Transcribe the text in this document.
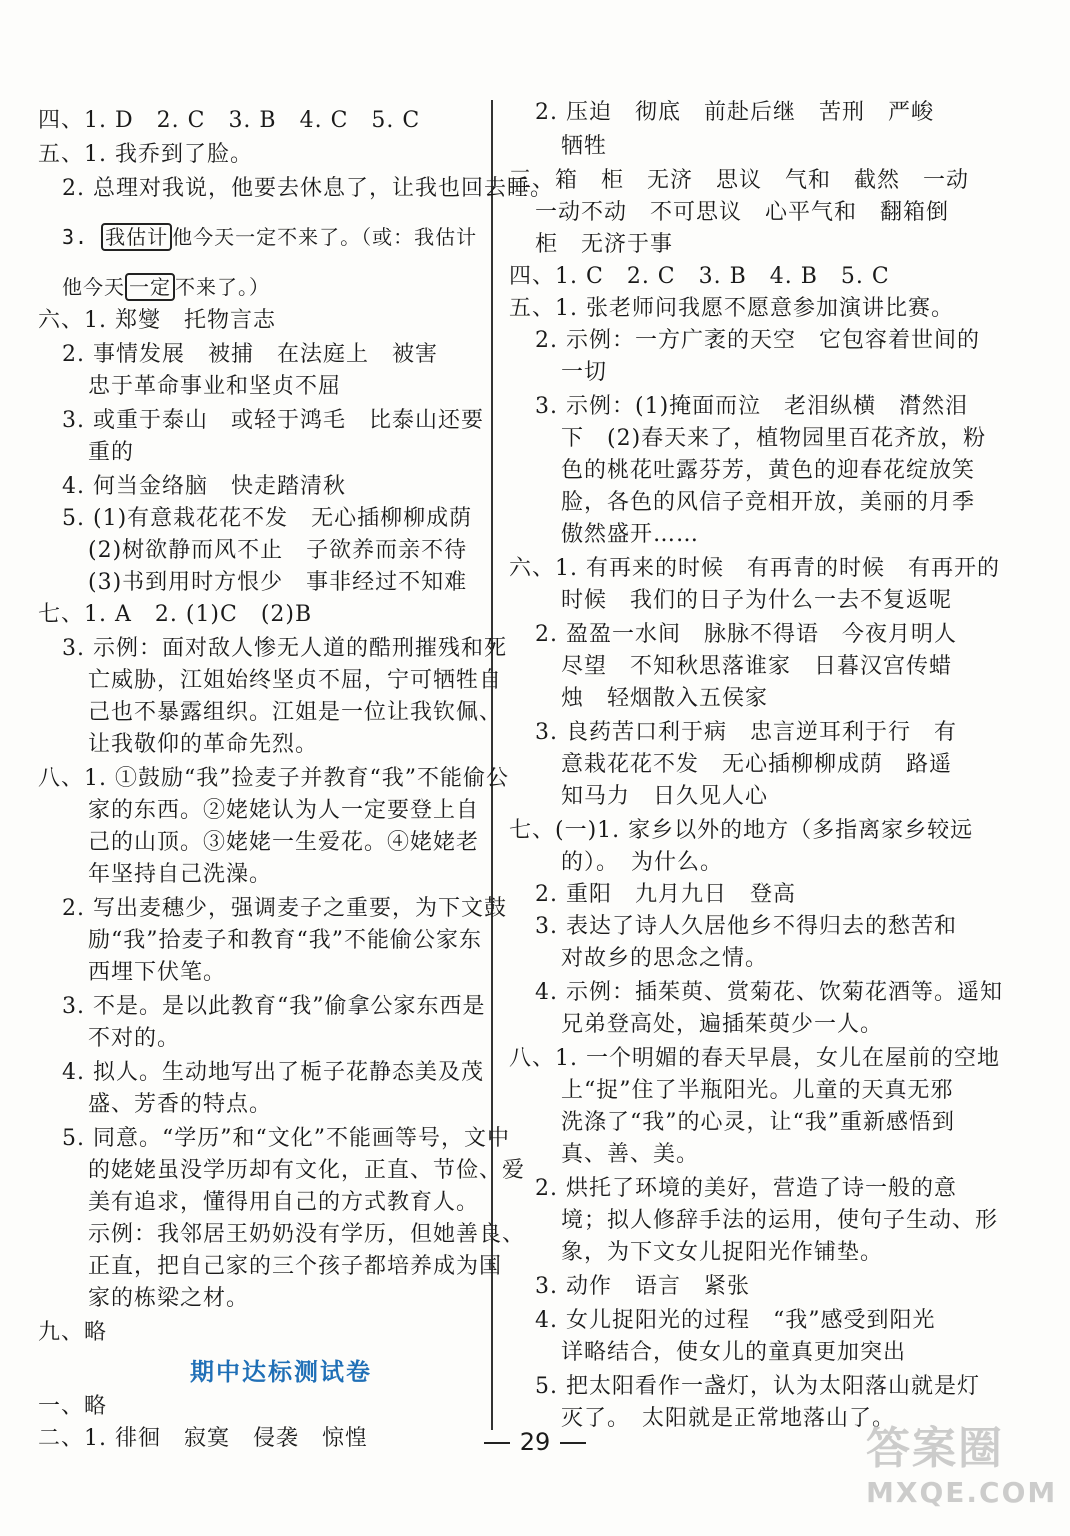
四、1. D　2. C　3. B　4. C　5. C
五、1. 我乔到了脸。
2. 总理对我说，他要去休息了，让我也回去睡。
3. 我估计 他今天一定不来了。（或：我估计
他今天 一定 不来了。）
六、1. 郑燮　托物言志
2. 事情发展　被捕　在法庭上　被害
忠于革命事业和坚贞不屈
3. 或重于泰山　或轻于鸿毛　比泰山还要
重的
4. 何当金络脑　快走踏清秋
5. (1)有意栽花花不发　无心插柳柳成荫
(2)树欲静而风不止　子欲养而亲不待
(3)书到用时方恨少　事非经过不知难
七、1. A　2. (1)C　(2)B
3. 示例：面对敌人惨无人道的酷刑摧残和死
亡威胁，江姐始终坚贞不屈，宁可牺牲自
己也不暴露组织。江姐是一位让我钦佩、
让我敬仰的革命先烈。
八、1. ①鼓励“我”捡麦子并教育“我”不能偷公
家的东西。②姥姥认为人一定要登上自
己的山顶。③姥姥一生爱花。④姥姥老
年坚持自己洗澡。
2. 写出麦穗少，强调麦子之重要，为下文鼓
励“我”拾麦子和教育“我”不能偷公家东
西埋下伏笔。
3. 不是。是以此教育“我”偷拿公家东西是
不对的。
4. 拟人。生动地写出了栀子花静态美及茂
盛、芳香的特点。
5. 同意。“学历”和“文化”不能画等号，文中
的姥姥虽没学历却有文化，正直、节俭、爱
美有追求，懂得用自己的方式教育人。
示例：我邻居王奶奶没有学历，但她善良、
正直，把自己家的三个孩子都培养成为国
家的栋梁之材。
九、略
期中达标测试卷
一、略
二、1. 徘徊　寂寞　侵袭　惊惶
2. 压迫　彻底　前赴后继　苦刑　严峻
牺牲
三、箱　柜　无济　思议　气和　截然　一动
一动不动　不可思议　心平气和　翻箱倒
柜　无济于事
四、1. C　2. C　3. B　4. B　5. C
五、1. 张老师问我愿不愿意参加演讲比赛。
2. 示例：一方广袤的天空　它包容着世间的
一切
3. 示例：(1)掩面而泣　老泪纵横　潸然泪
下　(2)春天来了，植物园里百花齐放，粉
色的桃花吐露芬芳，黄色的迎春花绽放笑
脸，各色的风信子竞相开放，美丽的月季
傲然盛开……
六、1. 有再来的时候　有再青的时候　有再开的
时候　我们的日子为什么一去不复返呢
2. 盈盈一水间　脉脉不得语　今夜月明人
尽望　不知秋思落谁家　日暮汉宫传蜡
烛　轻烟散入五侯家
3. 良药苦口利于病　忠言逆耳利于行　有
意栽花花不发　无心插柳柳成荫　路遥
知马力　日久见人心
七、(一)1. 家乡以外的地方（多指离家乡较远
的）。　为什么。
2. 重阳　九月九日　登高
3. 表达了诗人久居他乡不得归去的愁苦和
对故乡的思念之情。
4. 示例：插茱萸、赏菊花、饮菊花酒等。遥知
兄弟登高处，遍插茱萸少一人。
八、1. 一个明媚的春天早晨，女儿在屋前的空地
上“捉”住了半瓶阳光。儿童的天真无邪
洗涤了“我”的心灵，让“我”重新感悟到
真、善、美。
2. 烘托了环境的美好，营造了诗一般的意
境；拟人修辞手法的运用，使句子生动、形
象，为下文女儿捉阳光作铺垫。
3. 动作　语言　紧张
4. 女儿捉阳光的过程　“我”感受到阳光
详略结合，使女儿的童真更加突出
5. 把太阳看作一盏灯，认为太阳落山就是灯
灭了。　太阳就是正常地落山了。
29	答案圈
MXQE.COM
